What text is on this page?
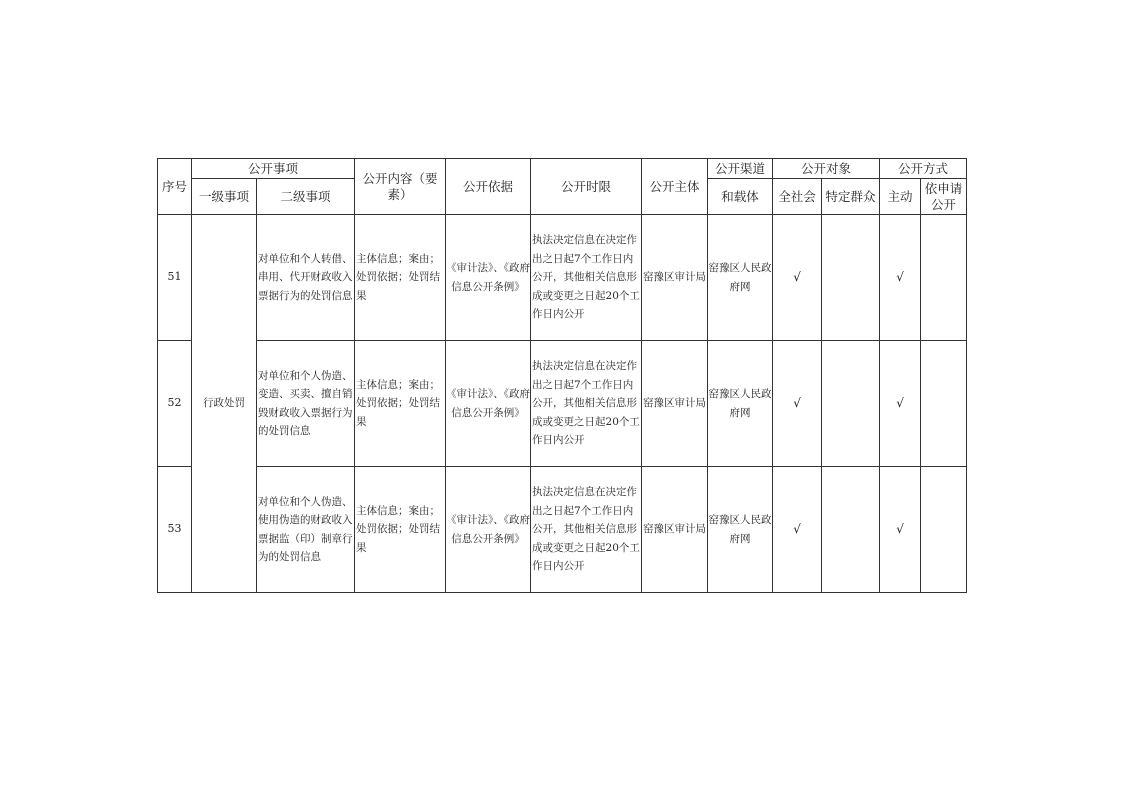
序号	公开事项		公开内容（要素）	公开依据	公开时限	公开主体	公开渠道	公开对象		公开方式	
	一级事项	二级事项					和载体	全社会	特定群众	主动	依申请公开
51	行政处罚	对单位和个人转借、串用、代开财政收入票据行为的处罚信息	主体信息；案由；处罚依据；处罚结果	《审计法》、《政府信息公开条例》	执法决定信息在决定作出之日起7个工作日内公开，其他相关信息形成或变更之日起20个工作日内公开	窑豫区审计局	窑豫区人民政府网	√		√	
52		对单位和个人伪造、变造、买卖、擅自销毁财政收入票据行为的处罚信息	主体信息；案由；处罚依据；处罚结果	《审计法》、《政府信息公开条例》	执法决定信息在决定作出之日起7个工作日内公开，其他相关信息形成或变更之日起20个工作日内公开	窑豫区审计局	窑豫区人民政府网	√		√	
53		对单位和个人伪造、使用伪造的财政收入票据监（印）制章行为的处罚信息	主体信息；案由；处罚依据；处罚结果	《审计法》、《政府信息公开条例》	执法决定信息在决定作出之日起7个工作日内公开，其他相关信息形成或变更之日起20个工作日内公开	窑豫区审计局	窑豫区人民政府网	√		√	
